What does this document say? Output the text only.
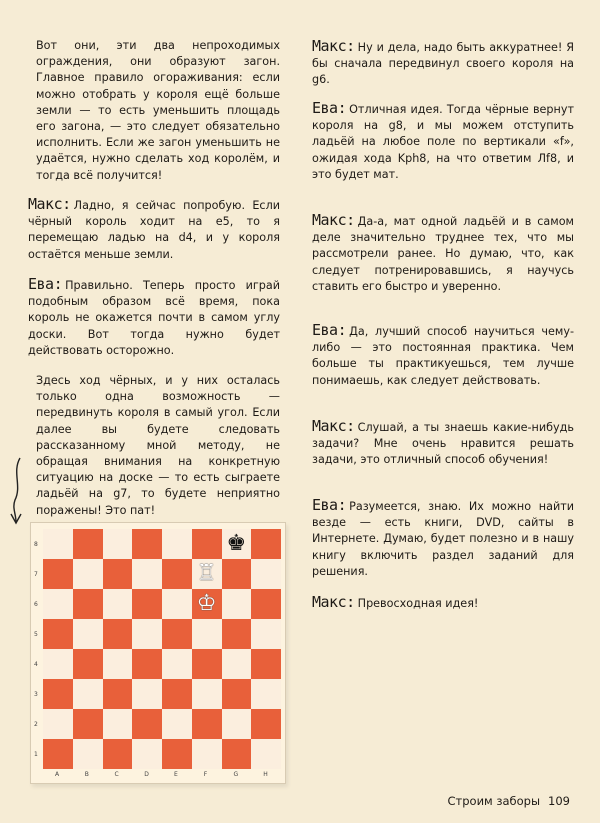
Вот они, эти два непроходимых ограждения, они образуют загон. Главное правило огораживания: если можно отобрать у короля ещё больше земли — то есть уменьшить площадь его загона, — это следует обязательно исполнить. Если же загон уменьшить не удаётся, нужно сделать ход королём, и тогда всё получится!

Макс: Ладно, я сейчас попробую. Если чёрный король ходит на е5, то я перемещаю ладью на d4, и у короля остаётся меньше земли.

Ева: Правильно. Теперь просто играй подобным образом всё время, пока король не окажется почти в самом углу доски. Вот тогда нужно будет действовать осторожно.

Здесь ход чёрных, и у них осталась только одна возможность — передвинуть короля в самый угол. Если далее вы будете следовать рассказанному мной методу, не обращая внимания на конкретную ситуацию на доске — то есть сыграете ладьёй на g7, то будете неприятно поражены! Это пат!

♚
♖
♔
8
7
6
5
4
3
2
1
A	B	C	D	E	F	G	H

Макс: Ну и дела, надо быть аккуратнее! Я бы сначала передвинул своего короля на g6.

Ева: Отличная идея. Тогда чёрные вернут короля на g8, и мы можем отступить ладьёй на любое поле по вертикали «f», ожидая хода Kph8, на что ответим Лf8, и это будет мат.

Макс: Да-а, мат одной ладьёй и в самом деле значительно труднее тех, что мы рассмотрели ранее. Но думаю, что, как следует потренировавшись, я научусь ставить его быстро и уверенно.

Ева: Да, лучший способ научиться чему-либо — это постоянная практика. Чем больше ты практикуешься, тем лучше понимаешь, как следует действовать.

Макс: Слушай, а ты знаешь какие-нибудь задачи? Мне очень нравится решать задачи, это отличный способ обучения!

Ева: Разумеется, знаю. Их можно найти везде — есть книги, DVD, сайты в Интернете. Думаю, будет полезно и в нашу книгу включить раздел заданий для решения.

Макс: Превосходная идея!

Строим заборы 109
